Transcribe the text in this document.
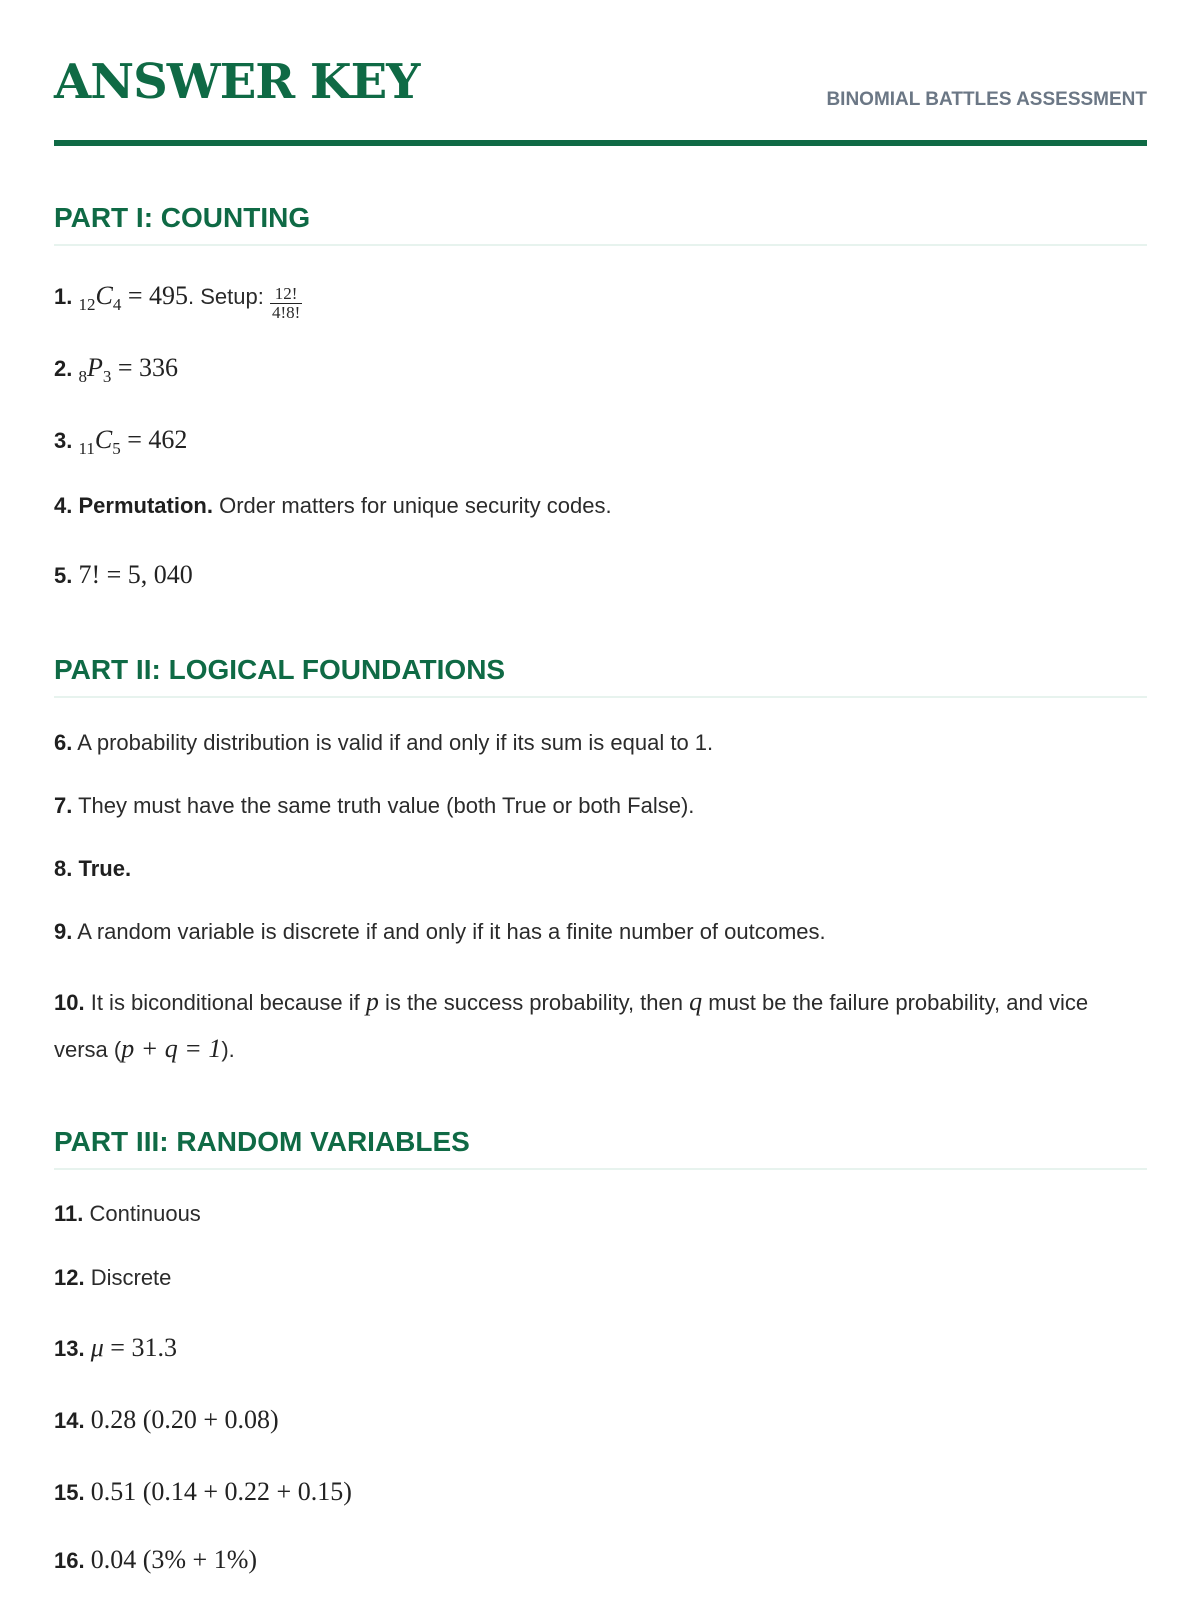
ANSWER KEY	BINOMIAL BATTLES ASSESSMENT
PART I: COUNTING
1. $_{12}C_4 = 495$. Setup: $\frac{12!}{4!8!}$
2. $_8P_3 = 336$
3. $_{11}C_5 = 462$
4. Permutation. Order matters for unique security codes.
5. 7! = 5, 040
PART II: LOGICAL FOUNDATIONS
6. A probability distribution is valid if and only if its sum is equal to 1.
7. They must have the same truth value (both True or both False).
8. True.
9. A random variable is discrete if and only if it has a finite number of outcomes.
10. It is biconditional because if p is the success probability, then q must be the failure probability, and vice versa (p + q = 1).
PART III: RANDOM VARIABLES
11. Continuous
12. Discrete
13. μ = 31.3
14. 0.28 (0.20 + 0.08)
15. 0.51 (0.14 + 0.22 + 0.15)
16. 0.04 (3% + 1%)
